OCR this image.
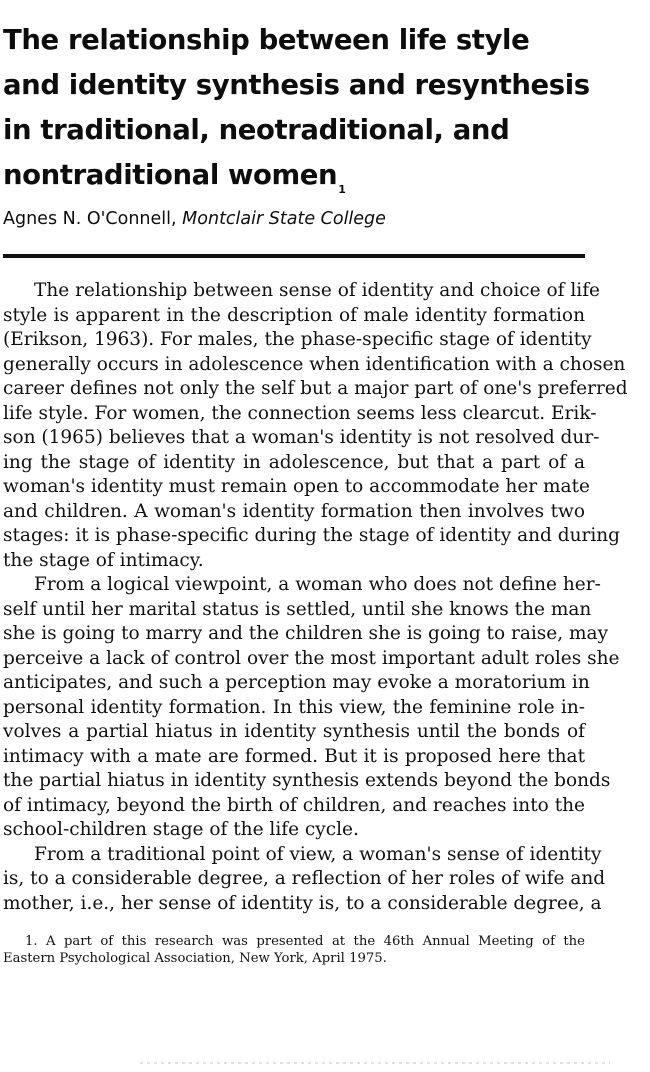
The relationship between life style
and identity synthesis and resynthesis
in traditional, neotraditional, and
nontraditional women$^1$
Agnes N. O'Connell, Montclair State College
The relationship between sense of identity and choice of life
style is apparent in the description of male identity formation
(Erikson, 1963). For males, the phase-specific stage of identity
generally occurs in adolescence when identification with a chosen
career defines not only the self but a major part of one's preferred
life style. For women, the connection seems less clearcut. Erik-
son (1965) believes that a woman's identity is not resolved dur-
ing the stage of identity in adolescence, but that a part of a
woman's identity must remain open to accommodate her mate
and children. A woman's identity formation then involves two
stages: it is phase-specific during the stage of identity and during
the stage of intimacy.
From a logical viewpoint, a woman who does not define her-
self until her marital status is settled, until she knows the man
she is going to marry and the children she is going to raise, may
perceive a lack of control over the most important adult roles she
anticipates, and such a perception may evoke a moratorium in
personal identity formation. In this view, the feminine role in-
volves a partial hiatus in identity synthesis until the bonds of
intimacy with a mate are formed. But it is proposed here that
the partial hiatus in identity synthesis extends beyond the bonds
of intimacy, beyond the birth of children, and reaches into the
school-children stage of the life cycle.
From a traditional point of view, a woman's sense of identity
is, to a considerable degree, a reflection of her roles of wife and
mother, i.e., her sense of identity is, to a considerable degree, a
1. A part of this research was presented at the 46th Annual Meeting of the
Eastern Psychological Association, New York, April 1975.
